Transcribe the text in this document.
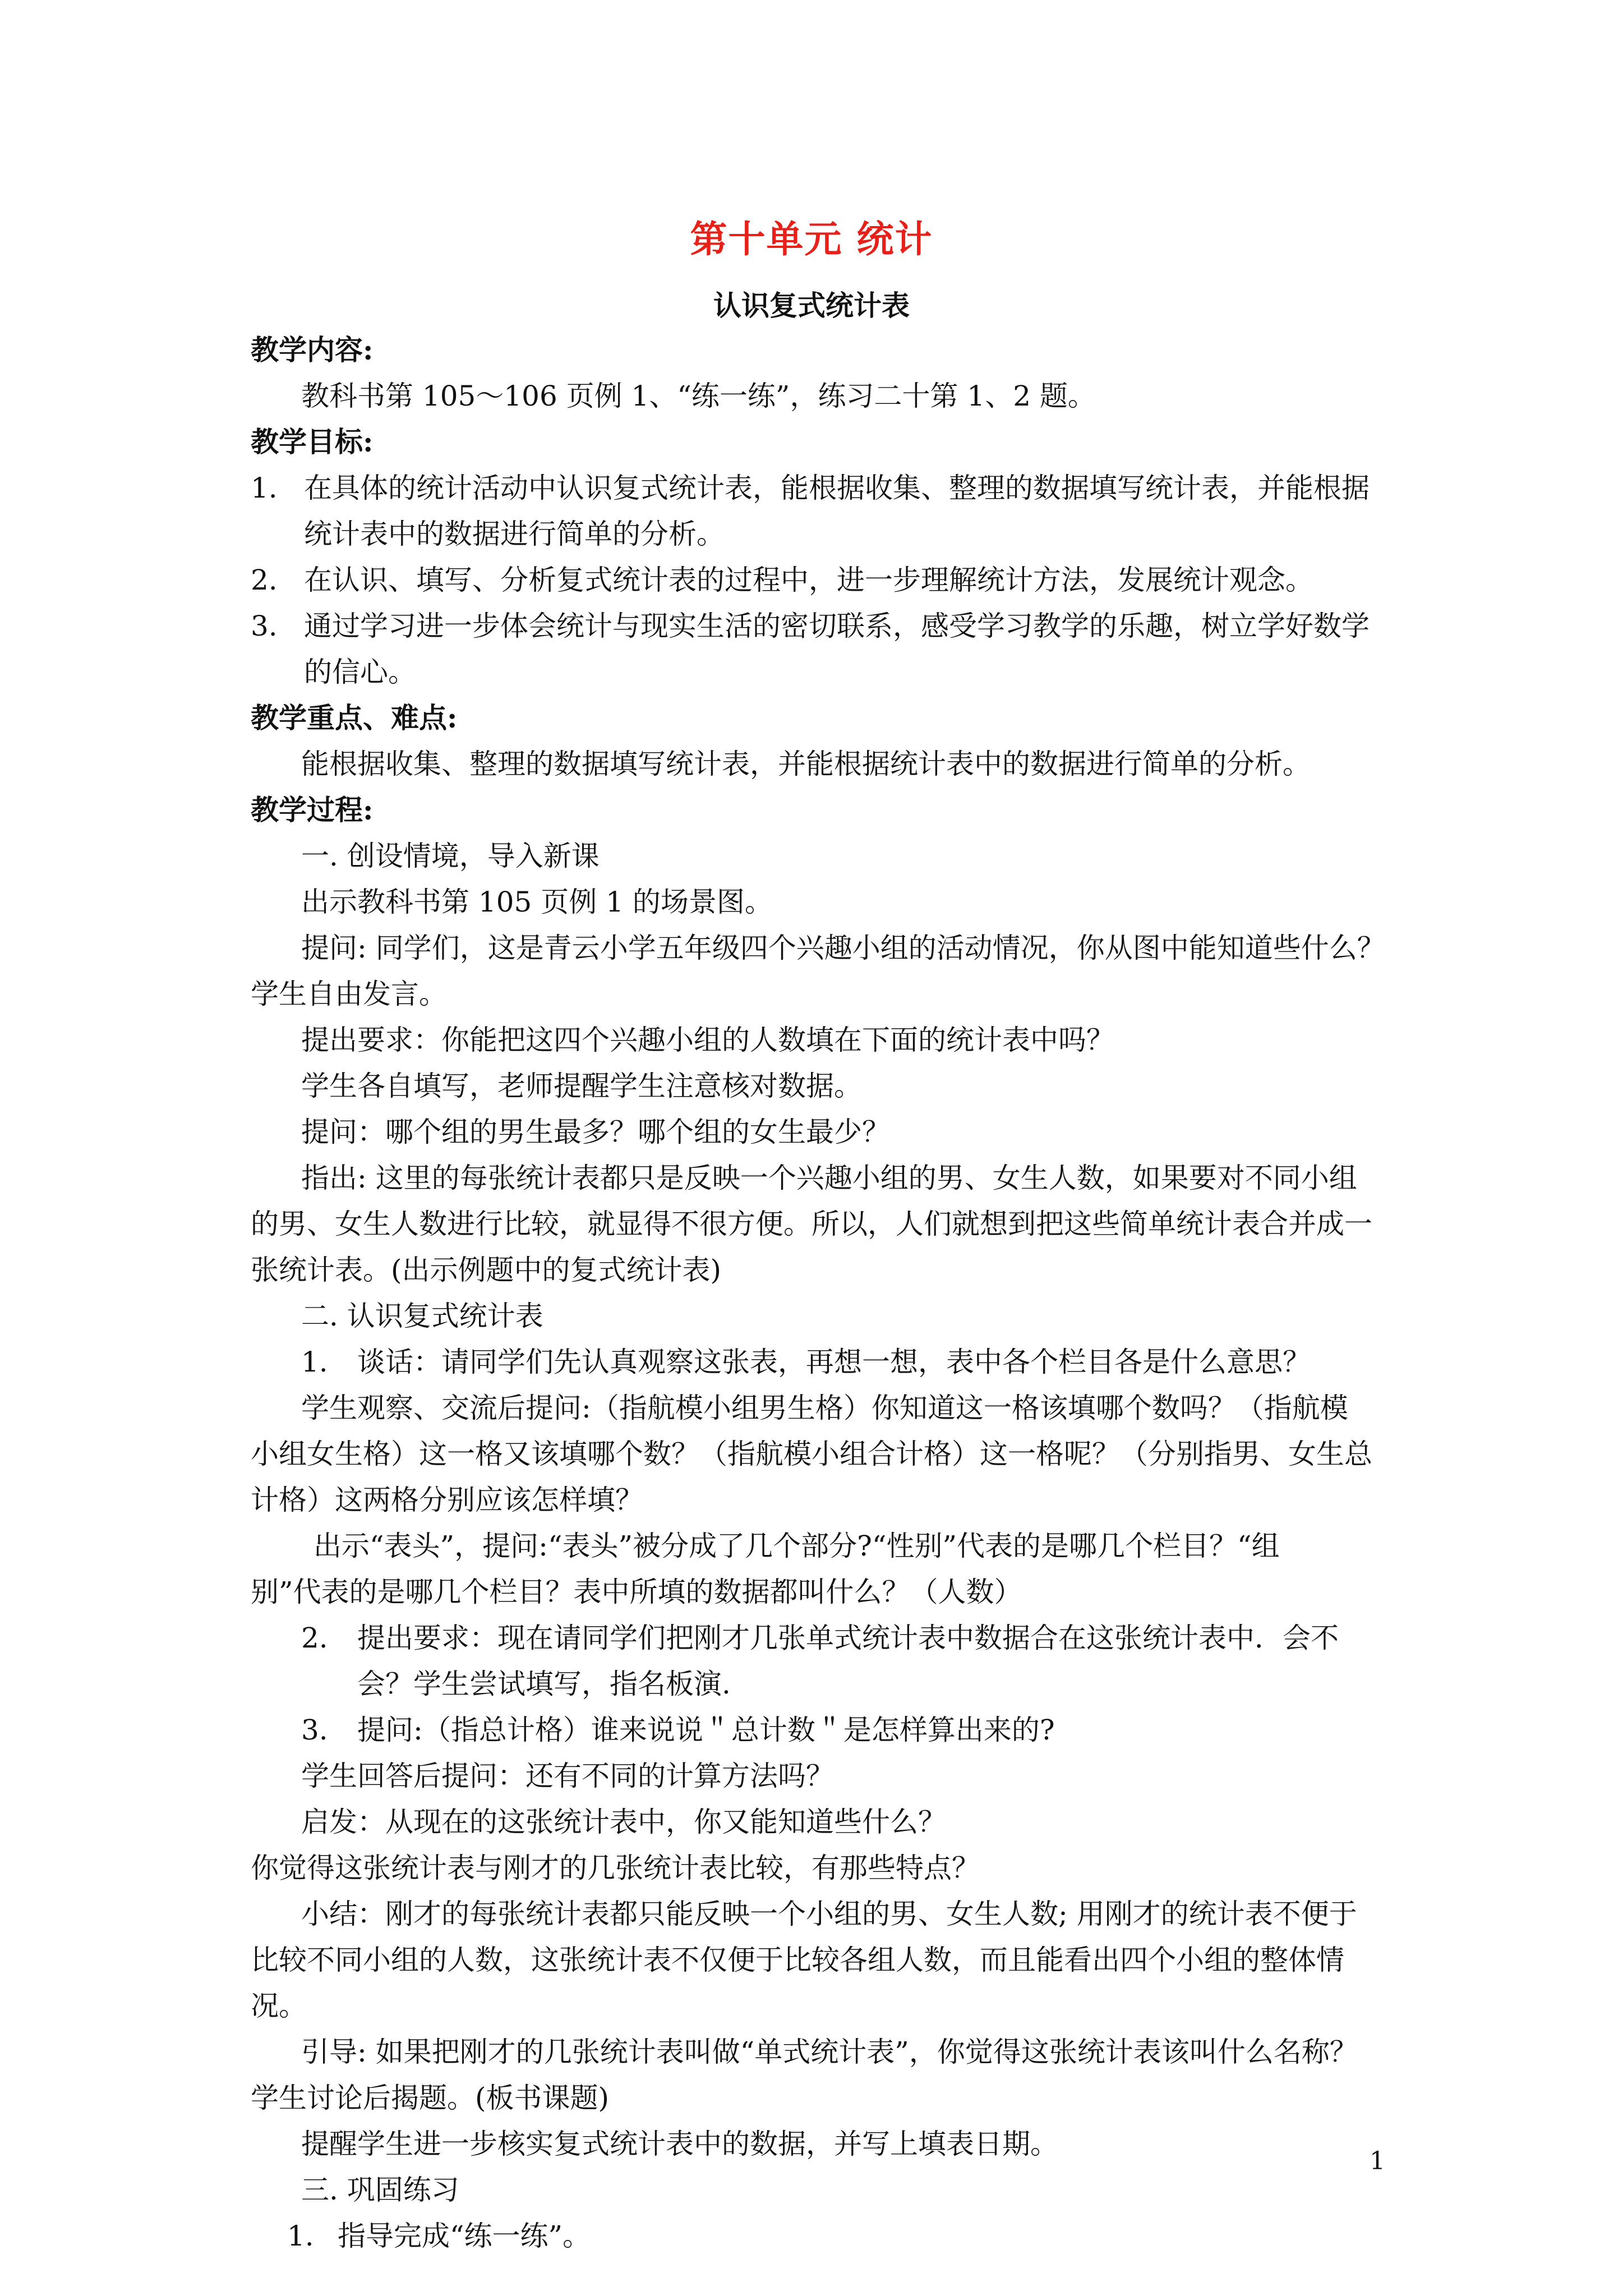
第十单元 统计
认识复式统计表

教学内容:

教科书第 105～106 页例 1、“练一练”，练习二十第 1、2 题。

教学目标:

1. 在具体的统计活动中认识复式统计表，能根据收集、整理的数据填写统计表，并能根据

统计表中的数据进行简单的分析。

2. 在认识、填写、分析复式统计表的过程中，进一步理解统计方法，发展统计观念。
3. 通过学习进一步体会统计与现实生活的密切联系，感受学习教学的乐趣，树立学好数学

的信心。

教学重点、难点:

能根据收集、整理的数据填写统计表，并能根据统计表中的数据进行简单的分析。

教学过程:

一. 创设情境，导入新课

出示教科书第 105 页例 1 的场景图。

提问: 同学们，这是青云小学五年级四个兴趣小组的活动情况，你从图中能知道些什么？

学生自由发言。

提出要求：你能把这四个兴趣小组的人数填在下面的统计表中吗？

学生各自填写，老师提醒学生注意核对数据。

提问：哪个组的男生最多？哪个组的女生最少？

指出: 这里的每张统计表都只是反映一个兴趣小组的男、女生人数，如果要对不同小组

的男、女生人数进行比较，就显得不很方便。所以，人们就想到把这些简单统计表合并成一

张统计表。(出示例题中的复式统计表)

二. 认识复式统计表

1.	谈话：请同学们先认真观察这张表，再想一想，表中各个栏目各是什么意思？

学生观察、交流后提问:（指航模小组男生格）你知道这一格该填哪个数吗？（指航模

小组女生格）这一格又该填哪个数？（指航模小组合计格）这一格呢？（分别指男、女生总

计格）这两格分别应该怎样填？

出示“表头”，提问:“表头”被分成了几个部分?“性别”代表的是哪几个栏目？“组

别”代表的是哪几个栏目？表中所填的数据都叫什么？（人数）

2.	提出要求：现在请同学们把刚才几张单式统计表中数据合在这张统计表中．会不

会？学生尝试填写，指名板演.

3.	提问:（指总计格）谁来说说＂总计数＂是怎样算出来的?

学生回答后提问：还有不同的计算方法吗？

启发：从现在的这张统计表中，你又能知道些什么？

你觉得这张统计表与刚才的几张统计表比较，有那些特点？

小结：刚才的每张统计表都只能反映一个小组的男、女生人数; 用刚才的统计表不便于

比较不同小组的人数，这张统计表不仅便于比较各组人数，而且能看出四个小组的整体情况。

引导: 如果把刚才的几张统计表叫做“单式统计表”，你觉得这张统计表该叫什么名称？

学生讨论后揭题。(板书课题)

提醒学生进一步核实复式统计表中的数据，并写上填表日期。

三. 巩固练习

1. 指导完成“练一练”。
1
